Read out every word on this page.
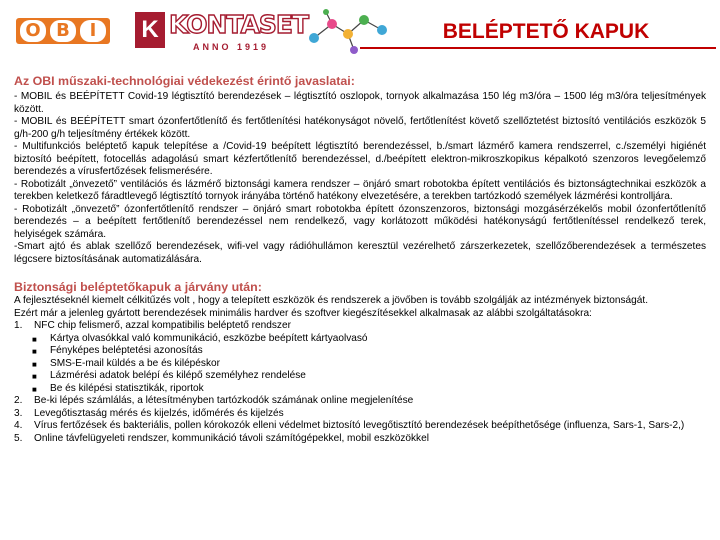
O B	I	K KONTASET
ANNO 1919
BELÉPTETŐ KAPUK
Az OBI műszaki-technológiai védekezést érintő javaslatai:
- MOBIL és BEÉPÍTETT Covid-19 légtisztító berendezések – légtisztító oszlopok, tornyok alkalmazása 150 lég m3/óra – 1500 lég m3/óra teljesítmények között.
- MOBIL és BEÉPÍTETT smart ózonfertőtlenítő és fertőtlenítési hatékonyságot növelő, fertőtlenítést követő szellőztetést biztosító ventilációs eszközök 5 g/h-200 g/h teljesítmény értékek között.
- Multifunkciós beléptető kapuk telepítése a /Covid-19 beépített légtisztító berendezéssel, b./smart lázmérő kamera rendszerrel, c./személyi higiénét biztosító beépített, fotocellás adagolású smart kézfertőtlenítő berendezéssel, d./beépített elektron-mikroszkopikus képalkotó szenzoros levegőelemző berendezés a vírusfertőzések felismerésére.
- Robotizált „önvezető” ventilációs és lázmérő biztonsági kamera rendszer – önjáró smart robotokba épített ventilációs és biztonságtechnikai eszközök a terekben keletkező fáradtlevegő légtisztító tornyok irányába történő hatékony elvezetésére, a terekben tartózkodó személyek lázmérési kontrolljára.
- Robotizált „önvezető” ózonfertőtlenítő rendszer – önjáró smart robotokba épített ózonszenzoros, biztonsági mozgásérzékelős mobil ózonfertőtlenítő berendezés – a beépített fertőtlenítő berendezéssel nem rendelkező, vagy korlátozott működési hatékonyságú fertőtlenítéssel rendelkező terek, helyiségek számára.
-Smart ajtó és ablak szellőző berendezések, wifi-vel vagy rádióhullámon keresztül vezérelhető zárszerkezetek, szellőzőberendezések a természetes légcsere biztosításának automatizálására.
Biztonsági beléptetőkapuk a járvány után:
A fejlesztéseknél kiemelt célkitűzés volt , hogy a telepített eszközök és rendszerek a jövőben is tovább szolgálják az intézmények biztonságát.
Ezért már a jelenleg gyártott berendezések minimális hardver és szoftver kiegészítésekkel alkalmasak az alábbi szolgáltatásokra:
1. NFC chip felismerő, azzal kompatibilis beléptető rendszer
■ Kártya olvasókkal való kommunikáció, eszközbe beépített kártyaolvasó
■ Fényképes beléptetési azonosítás
■ SMS-E-mail küldés a be és kilépéskor
■ Lázmérési adatok belépí és kilépő személyhez rendelése
■ Be és kilépési statisztikák, riportok
2. Be-ki lépés számlálás, a létesítményben tartózkodók számának online megjelenítése
3. Levegőtisztaság mérés és kijelzés, időmérés és kijelzés
4. Vírus fertőzések és bakteriális, pollen kórokozók elleni védelmet biztosító levegőtisztító berendezések beépíthetősége (influenza, Sars-1, Sars-2,)
5. Online távfelügyeleti rendszer, kommunikáció távoli számítógépekkel, mobil eszközökkel
